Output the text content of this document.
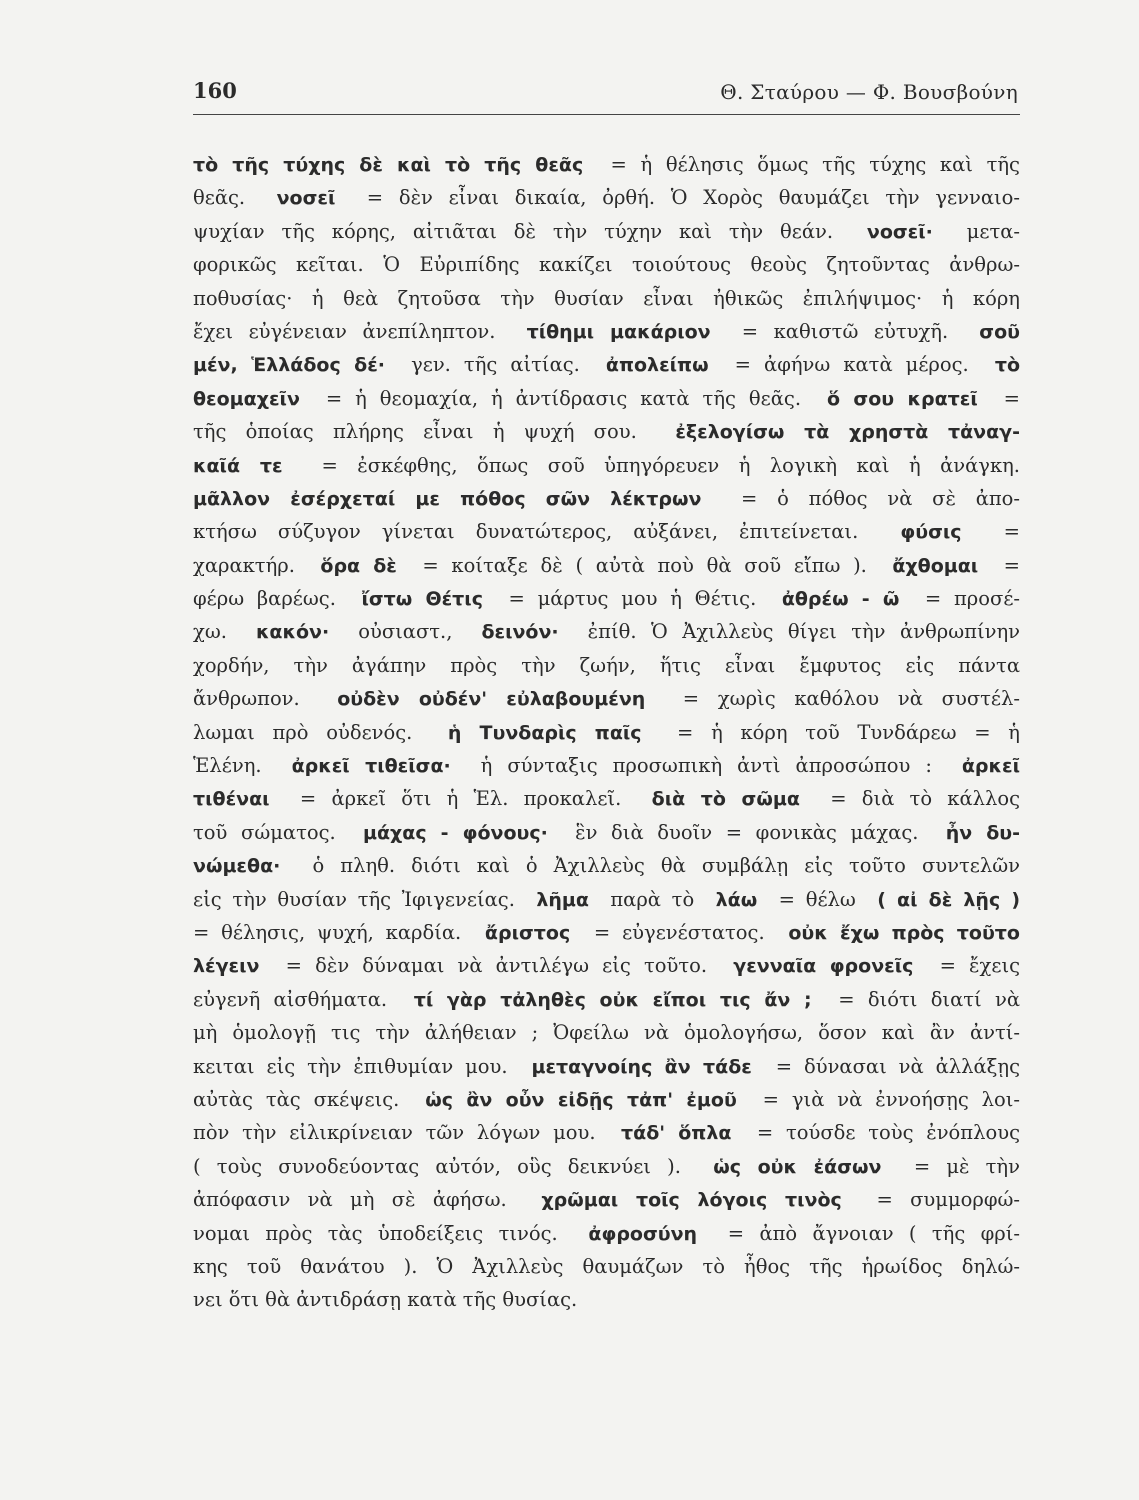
160	Θ. Σταύρου — Φ. Βουσβούνη
τὸ τῆς τύχης δὲ καὶ τὸ τῆς θεᾶς  = ἡ θέλησις ὅμως τῆς τύχης καὶ τῆς
θεᾶς.  νοσεῖ  = δὲν εἶναι δικαία, ὀρθή. Ὁ Χορὸς θαυμάζει τὴν γενναιο-
ψυχίαν τῆς κόρης, αἰτιᾶται δὲ τὴν τύχην καὶ τὴν θεάν.  νοσεῖ·  μετα-
φορικῶς κεῖται. Ὁ Εὐριπίδης κακίζει τοιούτους θεοὺς ζητοῦντας ἀνθρω-
ποθυσίας· ἡ θεὰ ζητοῦσα τὴν θυσίαν εἶναι ἠθικῶς ἐπιλήψιμος· ἡ κόρη
ἔχει εὐγένειαν ἀνεπίληπτον.  τίθημι μακάριον  = καθιστῶ εὐτυχῆ.  σοῦ
μέν, Ἑλλάδος δέ·  γεν. τῆς αἰτίας.  ἀπολείπω  = ἀφήνω κατὰ μέρος.  τὸ
θεομαχεῖν  = ἡ θεομαχία, ἡ ἀντίδρασις κατὰ τῆς θεᾶς.  ὅ σου κρατεῖ  =
τῆς ὁποίας πλήρης εἶναι ἡ ψυχή σου.  ἐξελογίσω τὰ χρηστὰ τἀναγ-
καῖά τε  = ἐσκέφθης, ὅπως σοῦ ὑπηγόρευεν ἡ λογικὴ καὶ ἡ ἀνάγκη.
μᾶλλον ἐσέρχεταί με πόθος σῶν λέκτρων  = ὁ πόθος νὰ σὲ ἀπο-
κτήσω σύζυγον γίνεται δυνατώτερος, αὐξάνει, ἐπιτείνεται.  φύσις  =
χαρακτήρ.  ὅρα δὲ  = κοίταξε δὲ ( αὐτὰ ποὺ θὰ σοῦ εἴπω ).  ἄχθομαι  =
φέρω βαρέως.  ἴστω Θέτις  = μάρτυς μου ἡ Θέτις.  ἀθρέω - ῶ  = προσέ-
χω.  κακόν·  οὐσιαστ.,  δεινόν·  ἐπίθ. Ὁ Ἀχιλλεὺς θίγει τὴν ἀνθρωπίνην
χορδήν, τὴν ἀγάπην πρὸς τὴν ζωήν, ἥτις εἶναι ἔμφυτος εἰς πάντα
ἄνθρωπον.  οὐδὲν οὐδέν' εὐλαβουμένη  = χωρὶς καθόλου νὰ συστέλ-
λωμαι πρὸ οὐδενός.  ἡ Τυνδαρὶς παῖς  = ἡ κόρη τοῦ Τυνδάρεω = ἡ
Ἑλένη.  ἀρκεῖ τιθεῖσα·  ἡ σύνταξις προσωπικὴ ἀντὶ ἀπροσώπου :  ἀρκεῖ
τιθέναι  = ἀρκεῖ ὅτι ἡ Ἑλ. προκαλεῖ.  διὰ τὸ σῶμα  = διὰ τὸ κάλλος
τοῦ σώματος.  μάχας - φόνους·  ἓν διὰ δυοῖν = φονικὰς μάχας.  ἦν δυ-
νώμεθα·  ὁ πληθ. διότι καὶ ὁ Ἀχιλλεὺς θὰ συμβάλῃ εἰς τοῦτο συντελῶν
εἰς τὴν θυσίαν τῆς Ἰφιγενείας.  λῆμα  παρὰ τὸ  λάω  = θέλω  ( αἰ δὲ λῇς )
= θέλησις, ψυχή, καρδία.  ἄριστος  = εὐγενέστατος.  οὐκ ἔχω πρὸς τοῦτο
λέγειν  = δὲν δύναμαι νὰ ἀντιλέγω εἰς τοῦτο.  γενναῖα φρονεῖς  = ἔχεις
εὐγενῆ αἰσθήματα.  τί γὰρ τἀληθὲς οὐκ εἴποι τις ἄν ;  = διότι διατί νὰ
μὴ ὁμολογῇ τις τὴν ἀλήθειαν ; Ὀφείλω νὰ ὁμολογήσω, ὅσον καὶ ἂν ἀντί-
κειται εἰς τὴν ἐπιθυμίαν μου.  μεταγνοίης ἂν τάδε  = δύνασαι νὰ ἀλλάξῃς
αὐτὰς τὰς σκέψεις.  ὡς ἂν οὖν εἰδῇς τἀπ' ἐμοῦ  = γιὰ νὰ ἐννοήσῃς λοι-
πὸν τὴν εἰλικρίνειαν τῶν λόγων μου.  τάδ' ὅπλα  = τούσδε τοὺς ἐνόπλους
( τοὺς συνοδεύοντας αὐτόν, οὓς δεικνύει ).  ὡς οὐκ ἐάσων  = μὲ τὴν
ἀπόφασιν νὰ μὴ σὲ ἀφήσω.  χρῶμαι τοῖς λόγοις τινὸς  = συμμορφώ-
νομαι πρὸς τὰς ὑποδείξεις τινός.  ἀφροσύνη  = ἀπὸ ἄγνοιαν ( τῆς φρί-
κης τοῦ θανάτου ). Ὁ Ἀχιλλεὺς θαυμάζων τὸ ἦθος τῆς ἡρωίδος δηλώ-
νει ὅτι θὰ ἀντιδράσῃ κατὰ τῆς θυσίας.
